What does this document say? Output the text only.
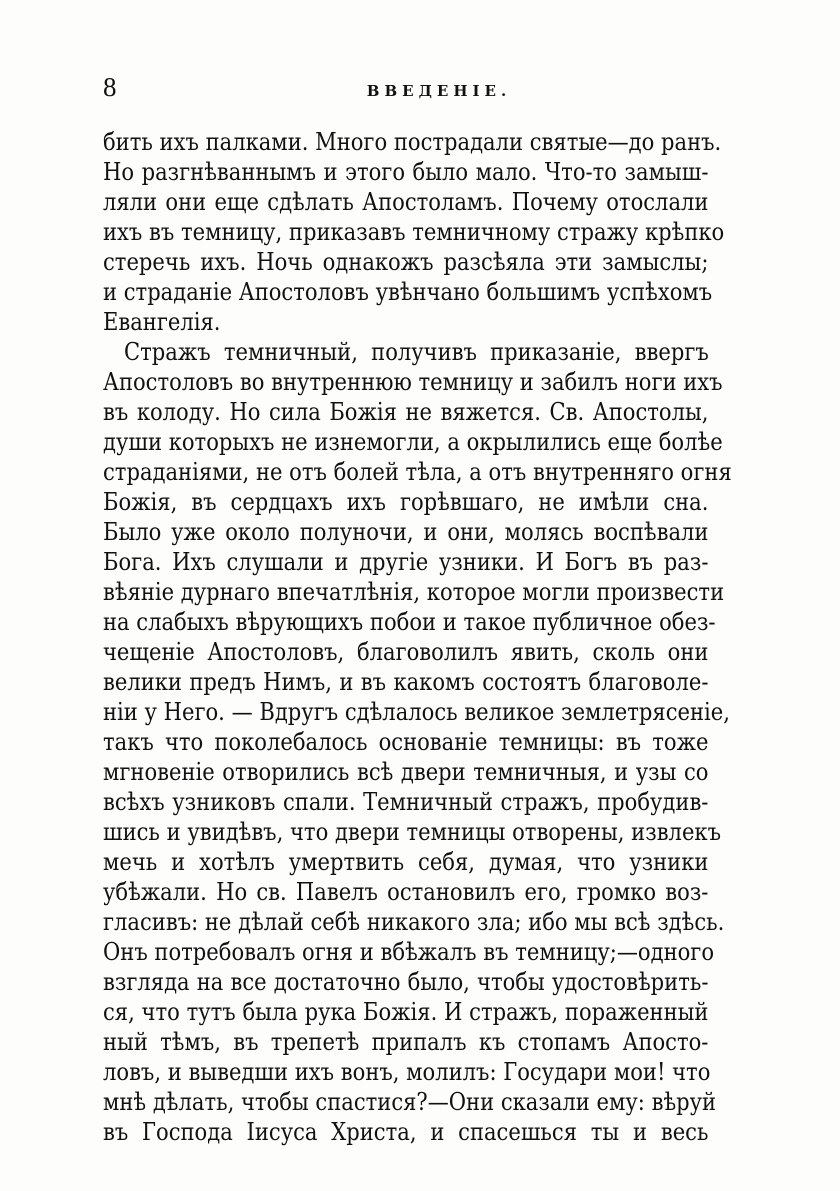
8	ВВЕДЕНІЕ.
бить ихъ палками. Много пострадали святые—до ранъ.
Но разгнѣваннымъ и этого было мало. Что-то замыш-
ляли они еще сдѣлать Апостоламъ. Почему отослали
ихъ въ темницу, приказавъ темничному стражу крѣпко
стеречь ихъ. Ночь однакожъ разсѣяла эти замыслы;
и страданіе Апостоловъ увѣнчано большимъ успѣхомъ
Евангелія.
Стражъ темничный, получивъ приказаніе, ввергъ
Апостоловъ во внутреннюю темницу и забилъ ноги ихъ
въ колоду. Но сила Божія не вяжется. Св. Апостолы,
души которыхъ не изнемогли, а окрылились еще болѣе
страданіями, не отъ болей тѣла, а отъ внутренняго огня
Божія, въ сердцахъ ихъ горѣвшаго, не имѣли сна.
Было уже около полуночи, и они, молясь воспѣвали
Бога. Ихъ слушали и другіе узники. И Богъ въ раз-
вѣяніе дурнаго впечатлѣнія, которое могли произвести
на слабыхъ вѣрующихъ побои и такое публичное обез-
чещеніе Апостоловъ, благоволилъ явить, сколь они
велики предъ Нимъ, и въ какомъ состоятъ благоволе-
ніи у Него. — Вдругъ сдѣлалось великое землетрясеніе,
такъ что поколебалось основаніе темницы: въ тоже
мгновеніе отворились всѣ двери темничныя, и узы со
всѣхъ узниковъ спали. Темничный стражъ, пробудив-
шись и увидѣвъ, что двери темницы отворены, извлекъ
мечь и хотѣлъ умертвить себя, думая, что узники
убѣжали. Но св. Павелъ остановилъ его, громко воз-
гласивъ: не дѣлай себѣ никакого зла; ибо мы всѣ здѣсь.
Онъ потребовалъ огня и вбѣжалъ въ темницу;—одного
взгляда на все достаточно было, чтобы удостовѣрить-
ся, что тутъ была рука Божія. И стражъ, пораженный
ный тѣмъ, въ трепетѣ припалъ къ стопамъ Апосто-
ловъ, и выведши ихъ вонъ, молилъ: Государи мои! что
мнѣ дѣлать, чтобы спастися?—Они сказали ему: вѣруй
въ Господа Іисуса Христа, и спасешься ты и весь
